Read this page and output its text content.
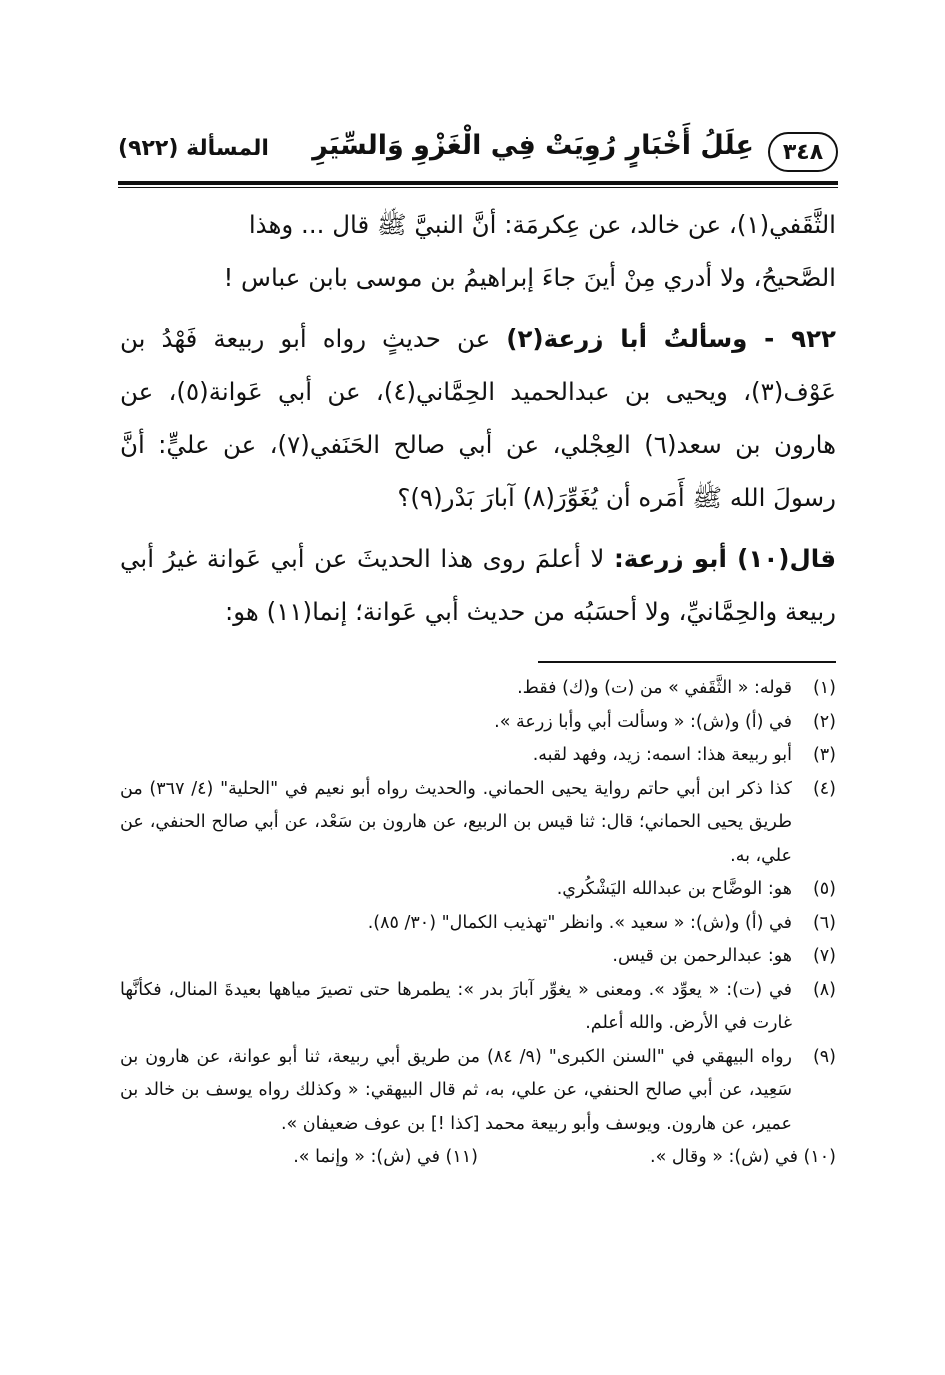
٣٤٨
عِلَلُ أَخْبَارٍ رُوِيَتْ فِي الْغَزْوِ وَالسِّيَرِ
المسألة (٩٢٢)

الثَّقَفي(١)، عن خالد، عن عِكرمَة: أنَّ النبيَّ ﷺ قال ... وهذا

الصَّحيحُ، ولا أدري مِنْ أينَ جاءَ إبراهيمُ بن موسى بابن عباس !

٩٢٢ - وسألتُ أبا زرعة(٢) عن حديثٍ رواه أبو ربيعة فَهْدُ بن عَوْف(٣)، ويحيى بن عبدالحميد الحِمَّاني(٤)، عن أبي عَوانة(٥)، عن هارون بن سعد(٦) العِجْلي، عن أبي صالح الحَنَفي(٧)، عن عليٍّ: أنَّ رسولَ الله ﷺ أَمَره أن يُغَوِّرَ(٨) آبارَ بَدْر(٩)؟

قال(١٠) أبو زرعة: لا أعلمَ روى هذا الحديثَ عن أبي عَوانة غيرُ أبي ربيعة والحِمَّانيِّ، ولا أحسَبُه من حديث أبي عَوانة؛ إنما(١١) هو:

(١)
قوله: « الثَّقَفي » من (ت) و(ك) فقط.
(٢)
في (أ) و(ش): « وسألت أبي وأبا زرعة ».
(٣)
أبو ربيعة هذا: اسمه: زيد، وفهد لقبه.
(٤)
كذا ذكر ابن أبي حاتم رواية يحيى الحماني. والحديث رواه أبو نعيم في "الحلية" (٤/ ٣٦٧) من طريق يحيى الحماني؛ قال: ثنا قيس بن الربيع، عن هارون بن سَعْد، عن أبي صالح الحنفي، عن علي، به.
(٥)
هو: الوضَّاح بن عبدالله اليَشْكُري.
(٦)
في (أ) و(ش): « سعيد ». وانظر "تهذيب الكمال" (٣٠/ ٨٥).
(٧)
هو: عبدالرحمن بن قيس.
(٨)
في (ت): « يعوِّد ». ومعنى « يغوِّر آبارَ بدر »: يطمرها حتى تصيرَ مياهها بعيدةَ المنال، فكأنَّها غارت في الأرض. والله أعلم.
(٩)
رواه البيهقي في "السنن الكبرى" (٩/ ٨٤) من طريق أبي ربيعة، ثنا أبو عوانة، عن هارون بن سَعِيد، عن أبي صالح الحنفي، عن علي، به، ثم قال البيهقي: « وكذلك رواه يوسف بن خالد بن عمير، عن هارون. ويوسف وأبو ربيعة محمد [كذا !] بن عوف ضعيفان ».
(١٠) في (ش): « وقال ».
(١١) في (ش): « وإنما ».
